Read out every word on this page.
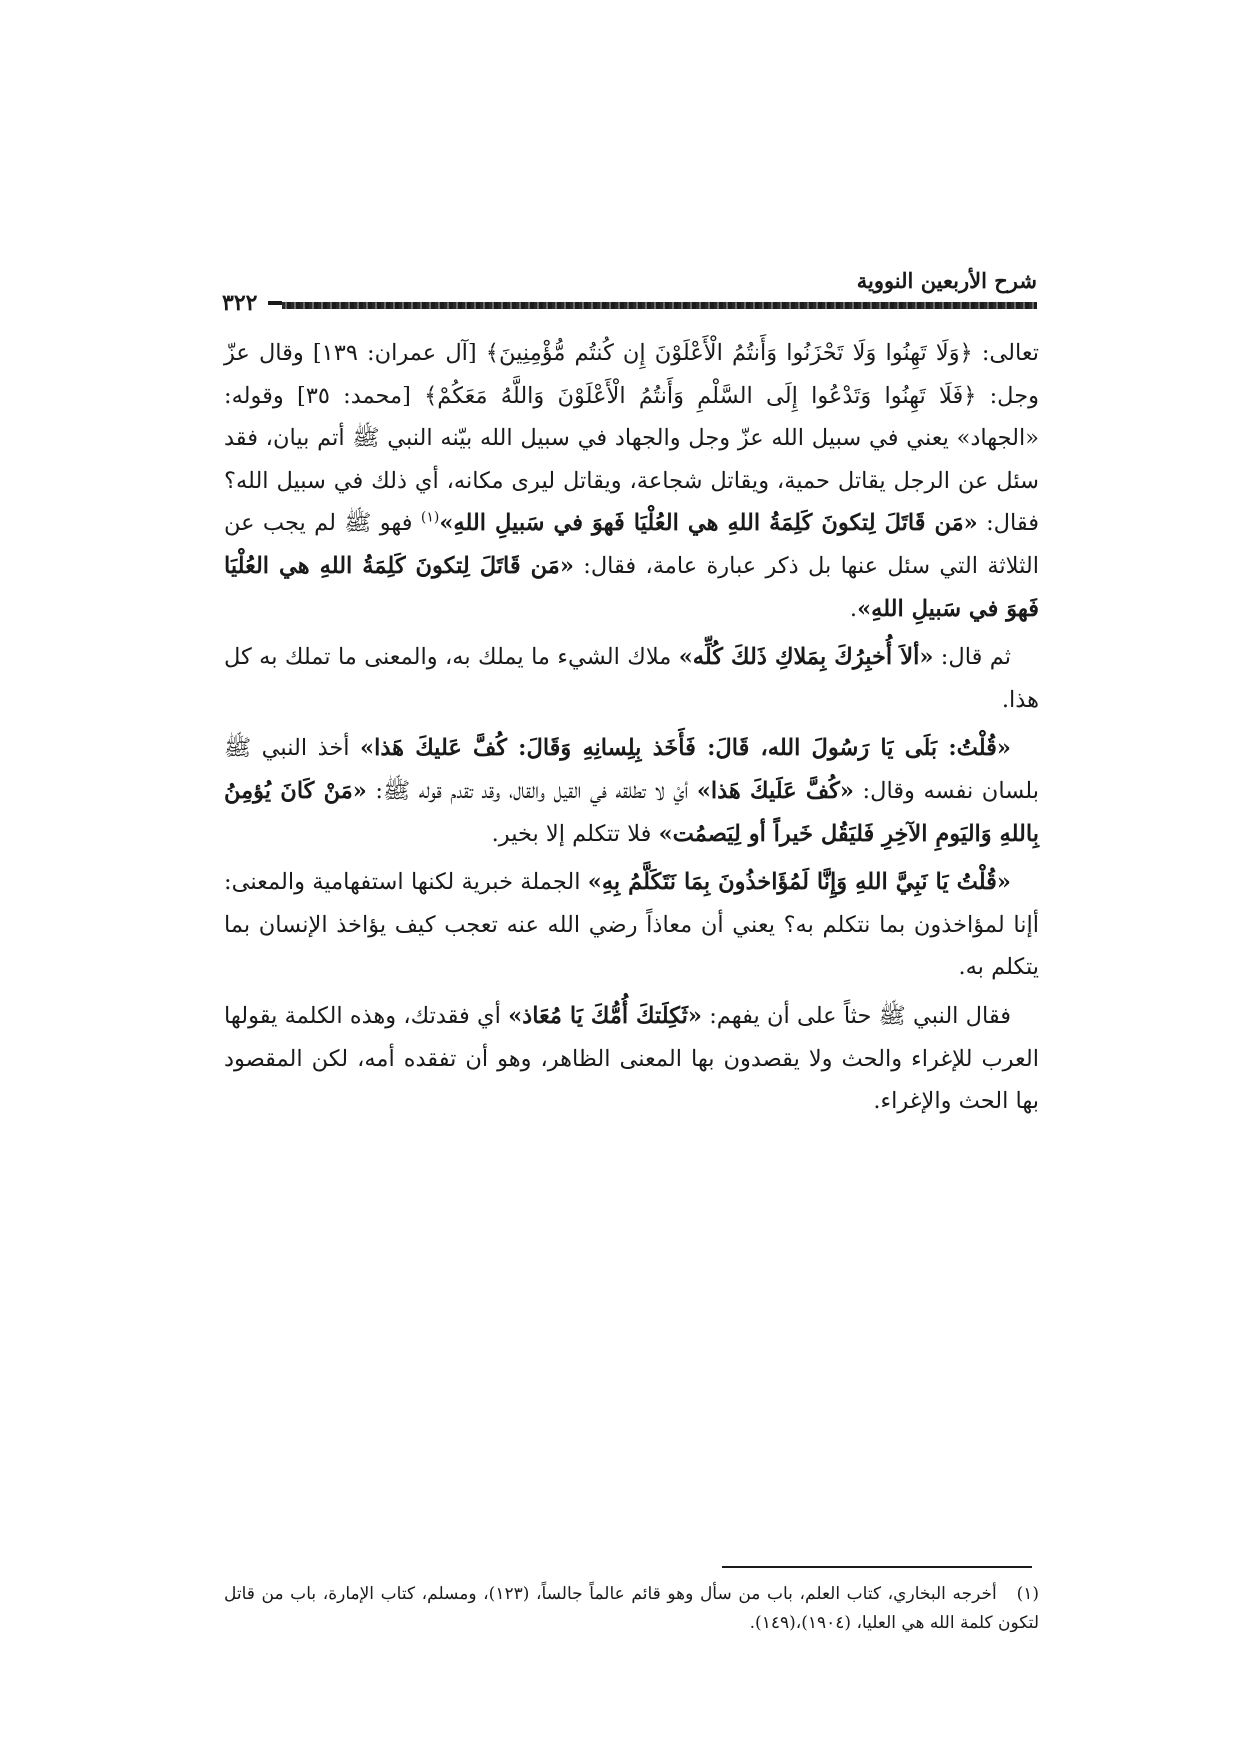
شرح الأربعين النووية
٣٢٢

تعالى: ﴿وَلَا تَهِنُوا وَلَا تَحْزَنُوا وَأَنتُمُ الْأَعْلَوْنَ إِن كُنتُم مُّؤْمِنِينَ﴾ [آل عمران: ١٣٩] وقال عزّ وجل: ﴿فَلَا تَهِنُوا وَتَدْعُوا إِلَى السَّلْمِ وَأَنتُمُ الْأَعْلَوْنَ وَاللَّهُ مَعَكُمْ﴾ [محمد: ٣٥] وقوله: «الجهاد» يعني في سبيل الله عزّ وجل والجهاد في سبيل الله بيّنه النبي ﷺ أتم بيان، فقد سئل عن الرجل يقاتل حمية، ويقاتل شجاعة، ويقاتل ليرى مكانه، أي ذلك في سبيل الله؟ فقال: «مَن قَاتَلَ لِتكونَ كَلِمَةُ اللهِ هي العُلْيَا فَهوَ في سَبيلِ اللهِ»$^{(١)}$ فهو ﷺ لم يجب عن الثلاثة التي سئل عنها بل ذكر عبارة عامة، فقال: «مَن قَاتَلَ لِتكونَ كَلِمَةُ اللهِ هي العُلْيَا فَهوَ في سَبيلِ اللهِ».

ثم قال: «ألاَ أُخبِرُكَ بِمَلاكِ ذَلكَ كُلِّه» ملاك الشيء ما يملك به، والمعنى ما تملك به كل هذا.

«قُلْتُ: بَلَى يَا رَسُولَ الله، قَالَ: فَأَخَذ بِلِسانِهِ وَقَالَ: كُفَّ عَليكَ هَذا» أخذ النبي ﷺ بلسان نفسه وقال: «كُفَّ عَلَيكَ هَذا» أيْ لا تطلقه في القيل والقال، وقد تقدم قوله ﷺ: «مَنْ كَانَ يُؤمِنُ بِاللهِ وَاليَومِ الآخِرِ فَليَقُل خَيراً أو لِيَصمُت» فلا تتكلم إلا بخير.

«قُلْتُ يَا نَبِيَّ اللهِ وَإِنَّا لَمُؤَاخذُونَ بِمَا نَتَكَلَّمُ بِهِ» الجملة خبرية لكنها استفهامية والمعنى: أإنا لمؤاخذون بما نتكلم به؟ يعني أن معاذاً رضي الله عنه تعجب كيف يؤاخذ الإنسان بما يتكلم به.

فقال النبي ﷺ حثاً على أن يفهم: «ثَكِلَتكَ أُمُّكَ يَا مُعَاذ» أي فقدتك، وهذه الكلمة يقولها العرب للإغراء والحث ولا يقصدون بها المعنى الظاهر، وهو أن تفقده أمه، لكن المقصود بها الحث والإغراء.

(١)   أخرجه البخاري، كتاب العلم، باب من سأل وهو قائم عالماً جالساً، (١٢٣)، ومسلم، كتاب الإمارة، باب من قاتل لتكون كلمة الله هي العليا، (١٩٠٤)،(١٤٩).
